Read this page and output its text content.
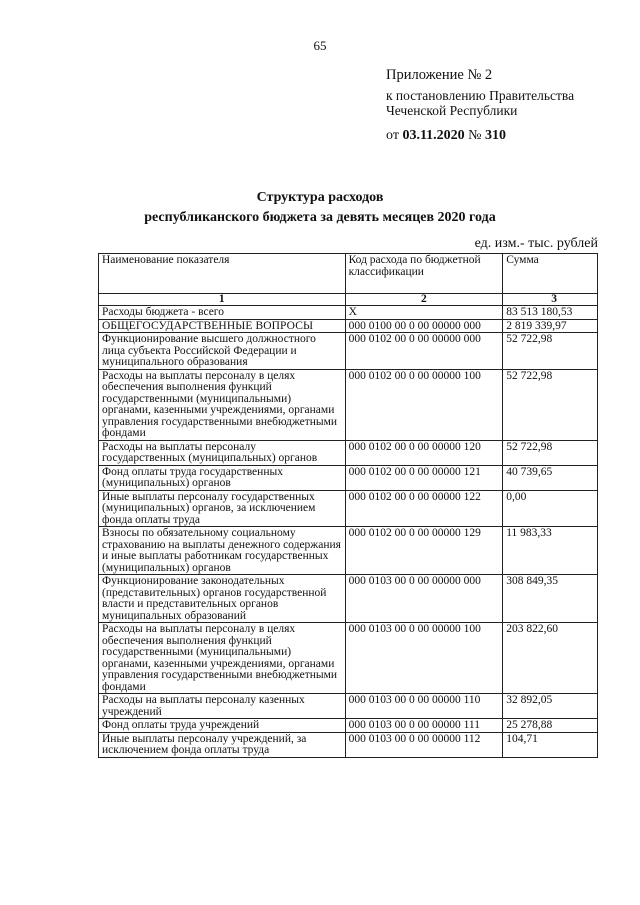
65
Приложение № 2
к постановлению Правительства
Чеченской Республики
от 03.11.2020 № 310
Структура расходов
республиканского бюджета за девять месяцев 2020 года
ед. изм.- тыс. рублей
Наименование показателя	Код расхода по бюджетной классификации	Сумма
1	2	3
Расходы бюджета - всего	X	83 513 180,53
ОБЩЕГОСУДАРСТВЕННЫЕ ВОПРОСЫ	000 0100 00 0 00 00000 000	2 819 339,97
Функционирование высшего должностного лица субъекта Российской Федерации и муниципального образования	000 0102 00 0 00 00000 000	52 722,98
Расходы на выплаты персоналу в целях обеспечения выполнения функций государственными (муниципальными) органами, казенными учреждениями, органами управления государственными внебюджетными фондами	000 0102 00 0 00 00000 100	52 722,98
Расходы на выплаты персоналу государственных (муниципальных) органов	000 0102 00 0 00 00000 120	52 722,98
Фонд оплаты труда государственных (муниципальных) органов	000 0102 00 0 00 00000 121	40 739,65
Иные выплаты персоналу государственных (муниципальных) органов, за исключением фонда оплаты труда	000 0102 00 0 00 00000 122	0,00
Взносы по обязательному социальному страхованию на выплаты денежного содержания и иные выплаты работникам государственных (муниципальных) органов	000 0102 00 0 00 00000 129	11 983,33
Функционирование законодательных (представительных) органов государственной власти и представительных органов муниципальных образований	000 0103 00 0 00 00000 000	308 849,35
Расходы на выплаты персоналу в целях обеспечения выполнения функций государственными (муниципальными) органами, казенными учреждениями, органами управления государственными внебюджетными фондами	000 0103 00 0 00 00000 100	203 822,60
Расходы на выплаты персоналу казенных учреждений	000 0103 00 0 00 00000 110	32 892,05
Фонд оплаты труда учреждений	000 0103 00 0 00 00000 111	25 278,88
Иные выплаты персоналу учреждений, за исключением фонда оплаты труда	000 0103 00 0 00 00000 112	104,71
